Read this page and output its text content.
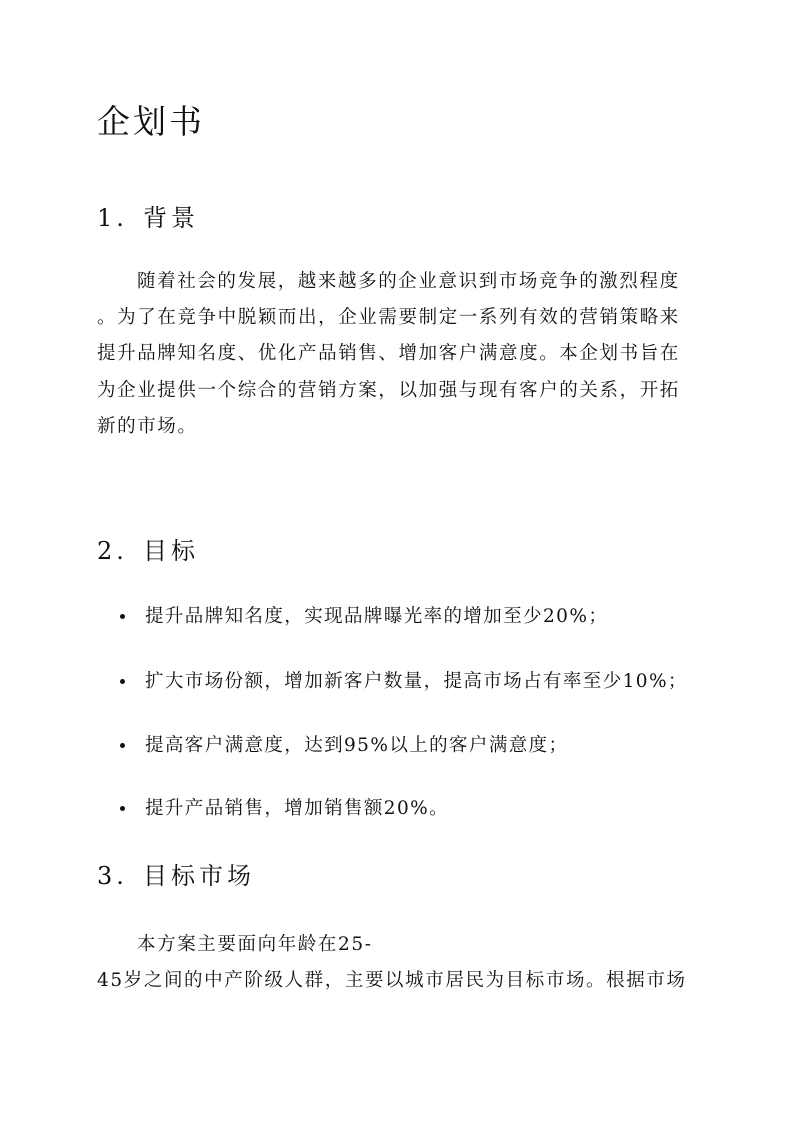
企划书
1. 背景
随着社会的发展，越来越多的企业意识到市场竞争的激烈程度
。为了在竞争中脱颖而出，企业需要制定一系列有效的营销策略来
提升品牌知名度、优化产品销售、增加客户满意度。本企划书旨在
为企业提供一个综合的营销方案，以加强与现有客户的关系，开拓
新的市场。
2. 目标
提升品牌知名度，实现品牌曝光率的增加至少20%；
扩大市场份额，增加新客户数量，提高市场占有率至少10%；
提高客户满意度，达到95%以上的客户满意度；
提升产品销售，增加销售额20%。
3. 目标市场
本方案主要面向年龄在25-
45岁之间的中产阶级人群，主要以城市居民为目标市场。根据市场
